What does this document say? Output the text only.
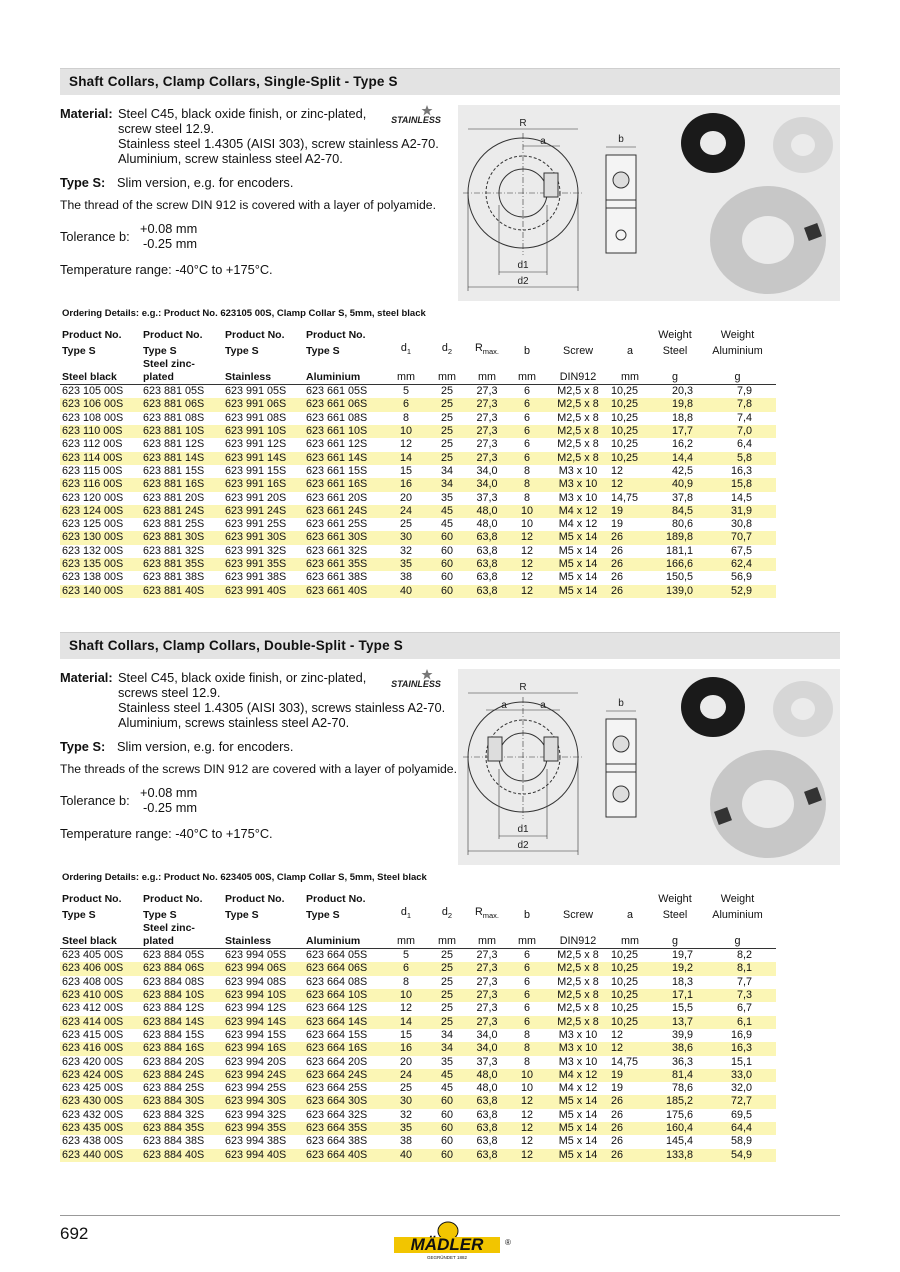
Shaft Collars, Clamp Collars, Single-Split - Type S
Material: Steel C45, black oxide finish, or zinc-plated,
screw steel 12.9.
Stainless steel 1.4305 (AISI 303), screw stainless A2-70.
Aluminium, screw stainless steel A2-70.
Type S: Slim version, e.g. for encoders.
The thread of the screw DIN 912 is covered with a layer of polyamide.
Tolerance b: +0.08 mm
-0.25 mm
Temperature range: -40°C to +175°C.
STAINLESS	R
a	b
d1
d2
Ordering Details: e.g.: Product No. 623105 00S, Clamp Collar S, 5mm, steel black
Product No.	Product No.	Product No.	Product No.							Weight	Weight
Type S	Type S	Type S	Type S	$d_1$	$d_2$	$R_{max.}$	b	Screw	a	Steel	Aluminium
Steel black	Steel zinc-plated	Stainless	Aluminium	mm	mm	mm	mm	DIN912	mm	g	g
623 105 00S	623 881 05S	623 991 05S	623 661 05S	5	25	27,3	6	M2,5 x 8	10,25	20,3	7,9
623 106 00S	623 881 06S	623 991 06S	623 661 06S	6	25	27,3	6	M2,5 x 8	10,25	19,8	7,8
623 108 00S	623 881 08S	623 991 08S	623 661 08S	8	25	27,3	6	M2,5 x 8	10,25	18,8	7,4
623 110 00S	623 881 10S	623 991 10S	623 661 10S	10	25	27,3	6	M2,5 x 8	10,25	17,7	7,0
623 112 00S	623 881 12S	623 991 12S	623 661 12S	12	25	27,3	6	M2,5 x 8	10,25	16,2	6,4
623 114 00S	623 881 14S	623 991 14S	623 661 14S	14	25	27,3	6	M2,5 x 8	10,25	14,4	5,8
623 115 00S	623 881 15S	623 991 15S	623 661 15S	15	34	34,0	8	M3 x 10	12	42,5	16,3
623 116 00S	623 881 16S	623 991 16S	623 661 16S	16	34	34,0	8	M3 x 10	12	40,9	15,8
623 120 00S	623 881 20S	623 991 20S	623 661 20S	20	35	37,3	8	M3 x 10	14,75	37,8	14,5
623 124 00S	623 881 24S	623 991 24S	623 661 24S	24	45	48,0	10	M4 x 12	19	84,5	31,9
623 125 00S	623 881 25S	623 991 25S	623 661 25S	25	45	48,0	10	M4 x 12	19	80,6	30,8
623 130 00S	623 881 30S	623 991 30S	623 661 30S	30	60	63,8	12	M5 x 14	26	189,8	70,7
623 132 00S	623 881 32S	623 991 32S	623 661 32S	32	60	63,8	12	M5 x 14	26	181,1	67,5
623 135 00S	623 881 35S	623 991 35S	623 661 35S	35	60	63,8	12	M5 x 14	26	166,6	62,4
623 138 00S	623 881 38S	623 991 38S	623 661 38S	38	60	63,8	12	M5 x 14	26	150,5	56,9
623 140 00S	623 881 40S	623 991 40S	623 661 40S	40	60	63,8	12	M5 x 14	26	139,0	52,9
Shaft Collars, Clamp Collars, Double-Split - Type S
Material: Steel C45, black oxide finish, or zinc-plated,
screws steel 12.9.
Stainless steel 1.4305 (AISI 303), screws stainless A2-70.
Aluminium, screws stainless steel A2-70.
Type S: Slim version, e.g. for encoders.
The threads of the screws DIN 912 are covered with a layer of polyamide.
Tolerance b: +0.08 mm
-0.25 mm
Temperature range: -40°C to +175°C.
STAINLESS	R
a	a	b
d1
d2
Ordering Details: e.g.: Product No. 623405 00S, Clamp Collar S, 5mm, Steel black
Product No.	Product No.	Product No.	Product No.							Weight	Weight
Type S	Type S	Type S	Type S	$d_1$	$d_2$	$R_{max.}$	b	Screw	a	Steel	Aluminium
Steel black	Steel zinc-plated	Stainless	Aluminium	mm	mm	mm	mm	DIN912	mm	g	g
623 405 00S	623 884 05S	623 994 05S	623 664 05S	5	25	27,3	6	M2,5 x 8	10,25	19,7	8,2
623 406 00S	623 884 06S	623 994 06S	623 664 06S	6	25	27,3	6	M2,5 x 8	10,25	19,2	8,1
623 408 00S	623 884 08S	623 994 08S	623 664 08S	8	25	27,3	6	M2,5 x 8	10,25	18,3	7,7
623 410 00S	623 884 10S	623 994 10S	623 664 10S	10	25	27,3	6	M2,5 x 8	10,25	17,1	7,3
623 412 00S	623 884 12S	623 994 12S	623 664 12S	12	25	27,3	6	M2,5 x 8	10,25	15,5	6,7
623 414 00S	623 884 14S	623 994 14S	623 664 14S	14	25	27,3	6	M2,5 x 8	10,25	13,7	6,1
623 415 00S	623 884 15S	623 994 15S	623 664 15S	15	34	34,0	8	M3 x 10	12	39,9	16,9
623 416 00S	623 884 16S	623 994 16S	623 664 16S	16	34	34,0	8	M3 x 10	12	38,6	16,3
623 420 00S	623 884 20S	623 994 20S	623 664 20S	20	35	37,3	8	M3 x 10	14,75	36,3	15,1
623 424 00S	623 884 24S	623 994 24S	623 664 24S	24	45	48,0	10	M4 x 12	19	81,4	33,0
623 425 00S	623 884 25S	623 994 25S	623 664 25S	25	45	48,0	10	M4 x 12	19	78,6	32,0
623 430 00S	623 884 30S	623 994 30S	623 664 30S	30	60	63,8	12	M5 x 14	26	185,2	72,7
623 432 00S	623 884 32S	623 994 32S	623 664 32S	32	60	63,8	12	M5 x 14	26	175,6	69,5
623 435 00S	623 884 35S	623 994 35S	623 664 35S	35	60	63,8	12	M5 x 14	26	160,4	64,4
623 438 00S	623 884 38S	623 994 38S	623 664 38S	38	60	63,8	12	M5 x 14	26	145,4	58,9
623 440 00S	623 884 40S	623 994 40S	623 664 40S	40	60	63,8	12	M5 x 14	26	133,8	54,9
692
MÄDLER	®
GEGRÜNDET 1882
